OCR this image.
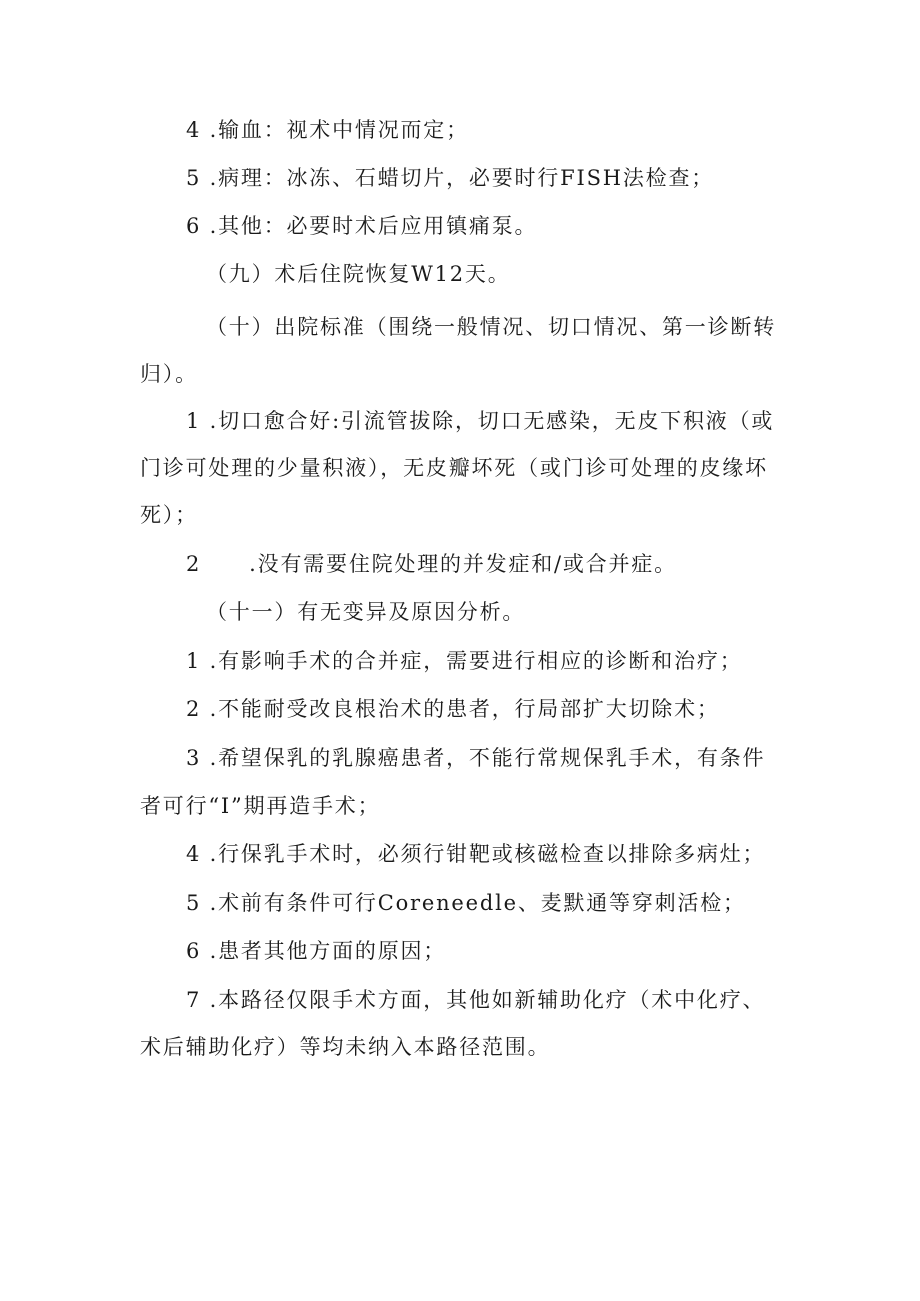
4 .输血：视术中情况而定；
5 .病理：冰冻、石蜡切片，必要时行FISH法检查；
6 .其他：必要时术后应用镇痛泵。
（九）术后住院恢复W12天。
（十）出院标准（围绕一般情况、切口情况、第一诊断转
归）。
1 .切口愈合好:引流管拔除，切口无感染，无皮下积液（或
门诊可处理的少量积液），无皮瓣坏死（或门诊可处理的皮缘坏
死）；
2 .没有需要住院处理的并发症和/或合并症。
（十一）有无变异及原因分析。
1 .有影响手术的合并症，需要进行相应的诊断和治疗；
2 .不能耐受改良根治术的患者，行局部扩大切除术；
3 .希望保乳的乳腺癌患者，不能行常规保乳手术，有条件
者可行“I”期再造手术；
4 .行保乳手术时，必须行钳靶或核磁检查以排除多病灶；
5 .术前有条件可行Coreneedle、麦默通等穿刺活检；
6 .患者其他方面的原因；
7 .本路径仅限手术方面，其他如新辅助化疗（术中化疗、
术后辅助化疗）等均未纳入本路径范围。
